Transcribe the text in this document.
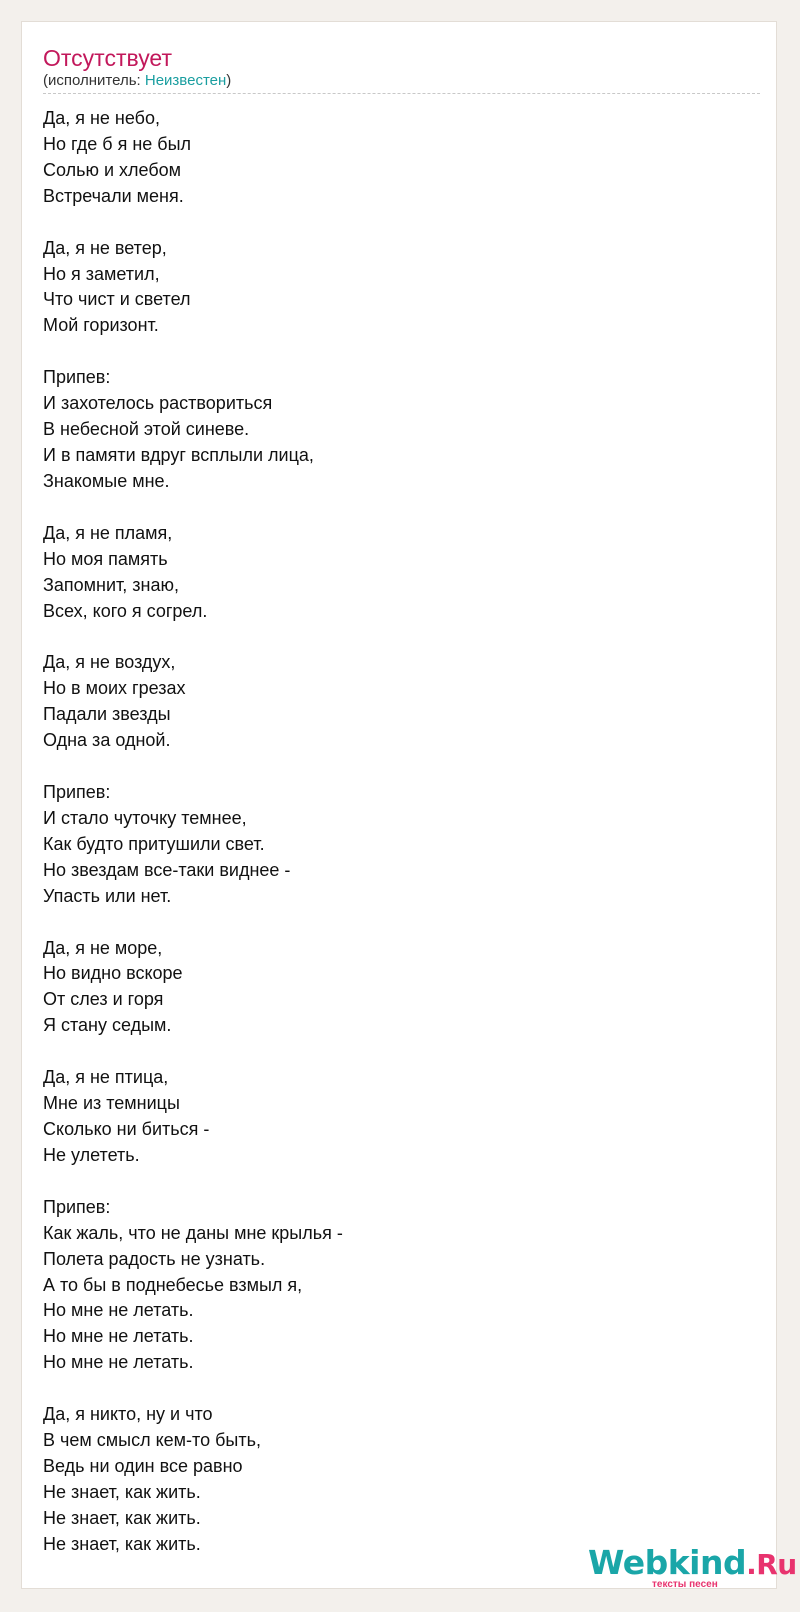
Отсутствует
(исполнитель: Неизвестен)
Да, я не небо,
Но где б я не был
Солью и хлебом
Встречали меня.
Да, я не ветер,
Но я заметил,
Что чист и светел
Мой горизонт.
Припев:
И захотелось раствориться
В небесной этой синеве.
И в памяти вдруг всплыли лица,
Знакомые мне.
Да, я не пламя,
Но моя память
Запомнит, знаю,
Всех, кого я согрел.
Да, я не воздух,
Но в моих грезах
Падали звезды
Одна за одной.
Припев:
И стало чуточку темнее,
Как будто притушили свет.
Но звездам все-таки виднее -
Упасть или нет.
Да, я не море,
Но видно вскоре
От слез и горя
Я стану седым.
Да, я не птица,
Мне из темницы
Сколько ни биться -
Не улететь.
Припев:
Как жаль, что не даны мне крылья -
Полета радость не узнать.
А то бы в поднебесье взмыл я,
Но мне не летать.
Но мне не летать.
Но мне не летать.
Да, я никто, ну и что
В чем смысл кем-то быть,
Ведь ни один все равно
Не знает, как жить.
Не знает, как жить.
Не знает, как жить.	Webkind.Ru
тексты песен
